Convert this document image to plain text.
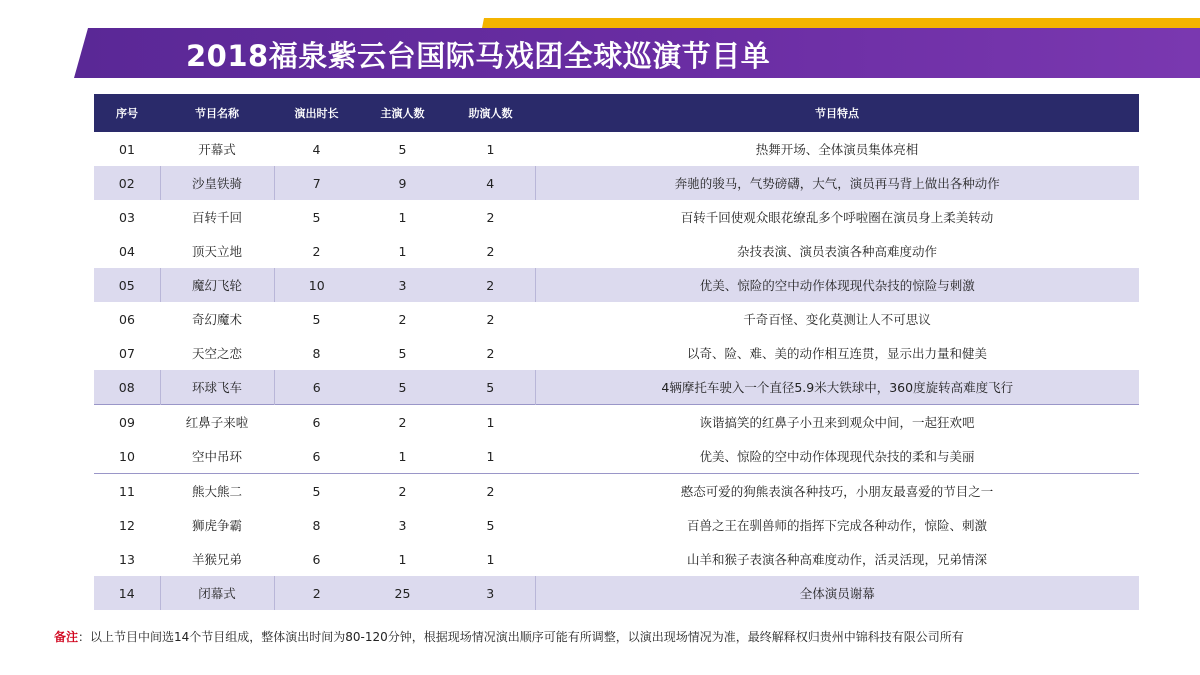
2018福泉紫云台国际马戏团全球巡演节目单
序号	节目名称	演出时长	主演人数	助演人数	节目特点
01	开幕式	4	5	1	热舞开场、全体演员集体亮相
02	沙皇铁骑	7	9	4	奔驰的骏马，气势磅礴，大气，演员再马背上做出各种动作
03	百转千回	5	1	2	百转千回使观众眼花缭乱多个呼啦圈在演员身上柔美转动
04	顶天立地	2	1	2	杂技表演、演员表演各种高难度动作
05	魔幻飞轮	10	3	2	优美、惊险的空中动作体现现代杂技的惊险与刺激
06	奇幻魔术	5	2	2	千奇百怪、变化莫测让人不可思议
07	天空之恋	8	5	2	以奇、险、难、美的动作相互连贯，显示出力量和健美
08	环球飞车	6	5	5	4辆摩托车驶入一个直径5.9米大铁球中，360度旋转高难度飞行
09	红鼻子来啦	6	2	1	诙谐搞笑的红鼻子小丑来到观众中间，一起狂欢吧
10	空中吊环	6	1	1	优美、惊险的空中动作体现现代杂技的柔和与美丽
11	熊大熊二	5	2	2	憨态可爱的狗熊表演各种技巧，小朋友最喜爱的节目之一
12	狮虎争霸	8	3	5	百兽之王在驯兽师的指挥下完成各种动作，惊险、刺激
13	羊猴兄弟	6	1	1	山羊和猴子表演各种高难度动作，活灵活现，兄弟情深
14	闭幕式	2	25	3	全体演员谢幕
备注：以上节目中间选14个节目组成，整体演出时间为80-120分钟，根据现场情况演出顺序可能有所调整，以演出现场情况为准，最终解释权归贵州中锦科技有限公司所有
